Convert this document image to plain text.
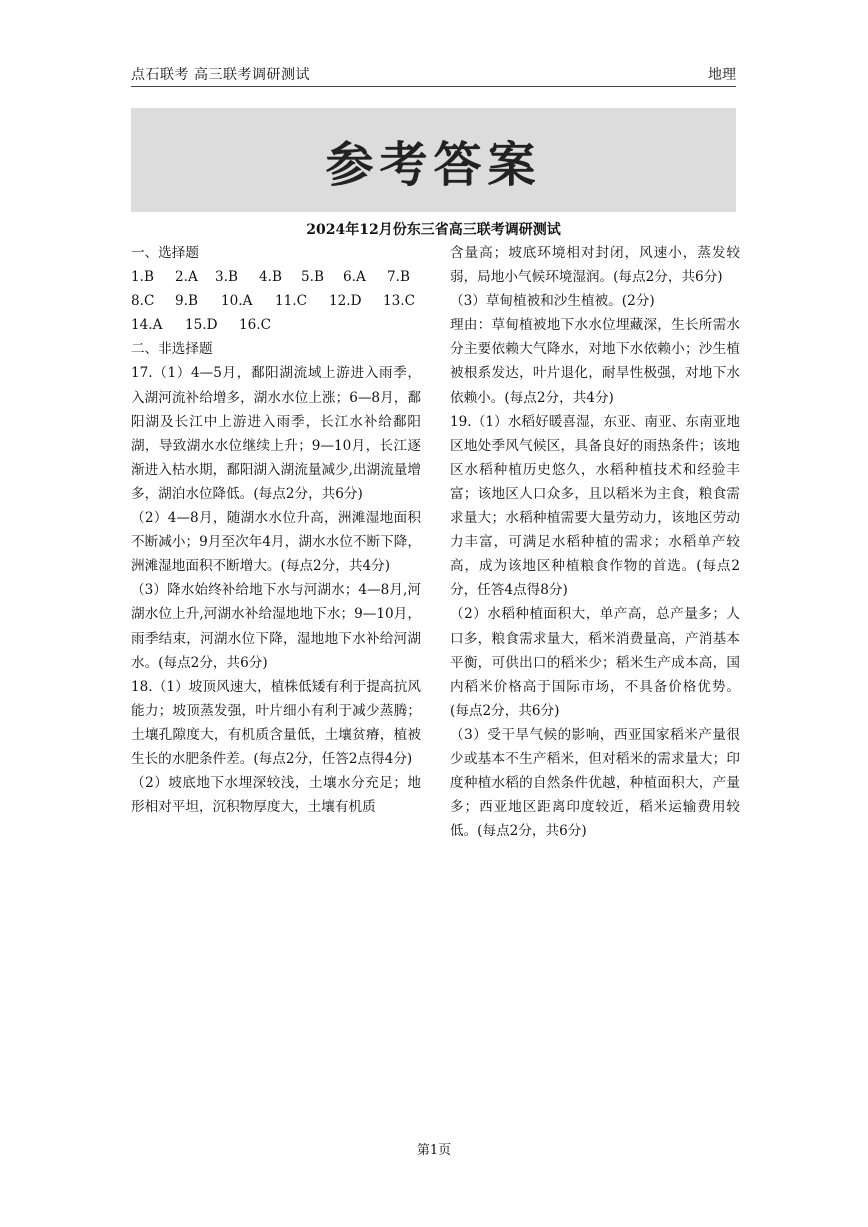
点石联考 高三联考调研测试	地理
参考答案
2024年12月份东三省高三联考调研测试

一、选择题

1.B	2.A	3.B	4.B	5.B	6.A	7.B
8.C	9.B	10.A	11.C	12.D	13.C
14.A	15.D	16.C

二、非选择题

17.（1）4—5月，鄱阳湖流域上游进入雨季，入湖河流补给增多，湖水水位上涨；6—8月，鄱阳湖及长江中上游进入雨季，长江水补给鄱阳湖，导致湖水水位继续上升；9—10月，长江逐渐进入枯水期，鄱阳湖入湖流量减少,出湖流量增多，湖泊水位降低。(每点2分，共6分)

（2）4—8月，随湖水水位升高，洲滩湿地面积不断减小；9月至次年4月，湖水水位不断下降，洲滩湿地面积不断增大。(每点2分，共4分)

（3）降水始终补给地下水与河湖水；4—8月,河湖水位上升,河湖水补给湿地地下水；9—10月，雨季结束，河湖水位下降，湿地地下水补给河湖水。(每点2分，共6分)

18.（1）坡顶风速大，植株低矮有利于提高抗风能力；坡顶蒸发强，叶片细小有利于减少蒸腾；土壤孔隙度大，有机质含量低，土壤贫瘠，植被生长的水肥条件差。(每点2分，任答2点得4分)

（2）坡底地下水埋深较浅，土壤水分充足；地形相对平坦，沉积物厚度大，土壤有机质

含量高；坡底环境相对封闭，风速小，蒸发较弱，局地小气候环境湿润。(每点2分，共6分)

（3）草甸植被和沙生植被。(2分)

理由：草甸植被地下水水位埋藏深，生长所需水分主要依赖大气降水，对地下水依赖小；沙生植被根系发达，叶片退化，耐旱性极强，对地下水依赖小。(每点2分，共4分)

19.（1）水稻好暖喜湿，东亚、南亚、东南亚地区地处季风气候区，具备良好的雨热条件；该地区水稻种植历史悠久，水稻种植技术和经验丰富；该地区人口众多，且以稻米为主食，粮食需求量大；水稻种植需要大量劳动力，该地区劳动力丰富，可满足水稻种植的需求；水稻单产较高，成为该地区种植粮食作物的首选。(每点2分，任答4点得8分)

（2）水稻种植面积大，单产高，总产量多；人口多，粮食需求量大，稻米消费量高，产消基本平衡，可供出口的稻米少；稻米生产成本高，国内稻米价格高于国际市场，不具备价格优势。(每点2分，共6分)

（3）受干旱气候的影响，西亚国家稻米产量很少或基本不生产稻米，但对稻米的需求量大；印度种植水稻的自然条件优越，种植面积大，产量多；西亚地区距离印度较近，稻米运输费用较低。(每点2分，共6分)

第1页
